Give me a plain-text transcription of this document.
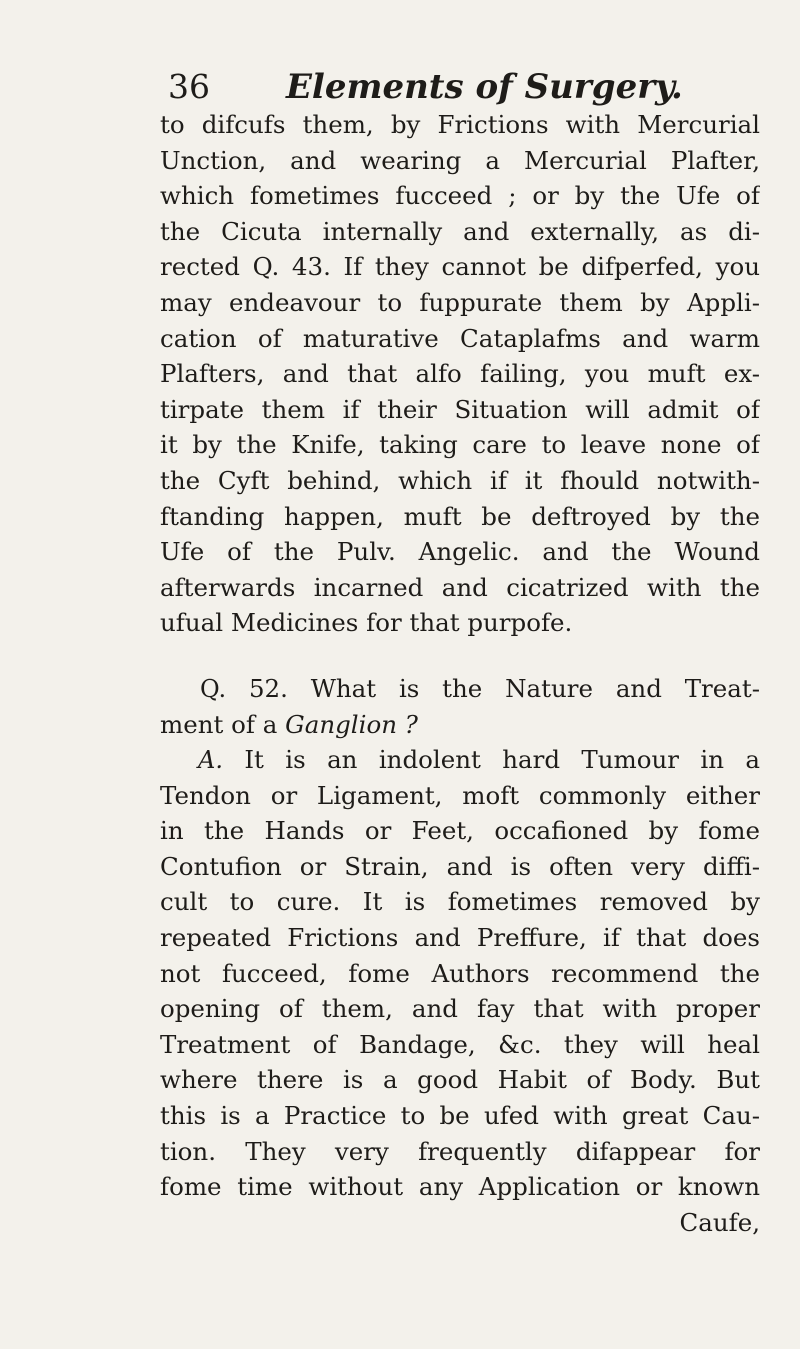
36 Elements of Surgery.
to difcufs them, by Frictions with Mercurial
Unction, and wearing a Mercurial Plafter,
which fometimes fucceed ; or by the Ufe of
the Cicuta internally and externally, as di-
rected Q. 43. If they cannot be difperfed, you
may endeavour to fuppurate them by Appli-
cation of maturative Cataplafms and warm
Plafters, and that alfo failing, you muft ex-
tirpate them if their Situation will admit of
it by the Knife, taking care to leave none of
the Cyft behind, which if it fhould notwith-
ftanding happen, muft be deftroyed by the
Ufe of the Pulv. Angelic. and the Wound
afterwards incarned and cicatrized with the
ufual Medicines for that purpofe.
Q. 52. What is the Nature and Treat-
ment of a Ganglion ?
A. It is an indolent hard Tumour in a
Tendon or Ligament, moft commonly either
in the Hands or Feet, occafioned by fome
Contufion or Strain, and is often very diffi-
cult to cure. It is fometimes removed by
repeated Frictions and Preffure, if that does
not fucceed, fome Authors recommend the
opening of them, and fay that with proper
Treatment of Bandage, &c. they will heal
where there is a good Habit of Body. But
this is a Practice to be ufed with great Cau-
tion. They very frequently difappear for
fome time without any Application or known
Caufe,
